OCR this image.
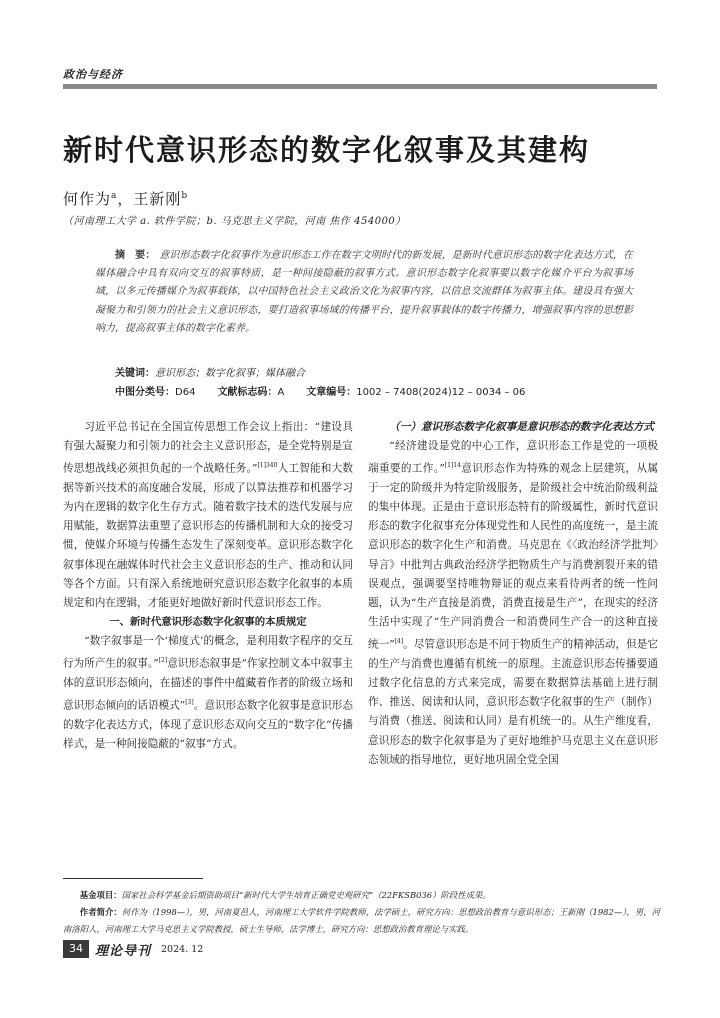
政治与经济
新时代意识形态的数字化叙事及其建构
何作为$^a$，王新刚$^b$
（河南理工大学 a. 软件学院；b. 马克思主义学院，河南 焦作 454000）
摘　要： 意识形态数字化叙事作为意识形态工作在数字文明时代的新发展，是新时代意识形态的数字化表达方式，在媒体融合中具有双向交互的叙事特质，是一种间接隐蔽的叙事方式。意识形态数字化叙事要以数字化媒介平台为叙事场域，以多元传播媒介为叙事载体，以中国特色社会主义政治文化为叙事内容，以信息交流群体为叙事主体。建设具有强大凝聚力和引领力的社会主义意识形态，要打造叙事场域的传播平台，提升叙事载体的数字传播力，增强叙事内容的思想影响力，提高叙事主体的数字化素养。
关键词：意识形态；数字化叙事；媒体融合
中图分类号：D64 文献标志码：A 文章编号：1002 – 7408(2024)12 – 0034 – 06

习近平总书记在全国宣传思想工作会议上指出：“建设具有强大凝聚力和引领力的社会主义意识形态，是全党特别是宣传思想战线必须担负起的一个战略任务。”$^{[1]340}$人工智能和大数据等新兴技术的高度融合发展，形成了以算法推荐和机器学习为内在逻辑的数字化生存方式。随着数字技术的迭代发展与应用赋能，数据算法重塑了意识形态的传播机制和大众的接受习惯，使媒介环境与传播生态发生了深刻变革。意识形态数字化叙事体现在融媒体时代社会主义意识形态的生产、推动和认同等各个方面。只有深入系统地研究意识形态数字化叙事的本质规定和内在逻辑，才能更好地做好新时代意识形态工作。

一、新时代意识形态数字化叙事的本质规定

“数字叙事是一个‘梯度式’的概念，是利用数字程序的交互行为所产生的叙事。”[2]意识形态叙事是“作家控制文本中叙事主体的意识形态倾向，在描述的事件中蕴藏着作者的阶级立场和意识形态倾向的话语模式”[3]。意识形态数字化叙事是意识形态的数字化表达方式，体现了意识形态双向交互的“数字化”传播样式，是一种间接隐蔽的“叙事”方式。

（一）意识形态数字化叙事是意识形态的数字化表达方式

“经济建设是党的中心工作，意识形态工作是党的一项极端重要的工作。”$^{[1]14}$意识形态作为特殊的观念上层建筑，从属于一定的阶级并为特定阶级服务，是阶级社会中统治阶级利益的集中体现。正是由于意识形态特有的阶级属性，新时代意识形态的数字化叙事充分体现党性和人民性的高度统一，是主流意识形态的数字化生产和消费。马克思在《〈政治经济学批判〉导言》中批判古典政治经济学把物质生产与消费割裂开来的错误观点，强调要坚持唯物辩证的观点来看待两者的统一性问题，认为“生产直接是消费，消费直接是生产”，在现实的经济生活中实现了“生产同消费合一和消费同生产合一的这种直接统一”[4]。尽管意识形态是不同于物质生产的精神活动，但是它的生产与消费也遵循有机统一的原理。主流意识形态传播要通过数字化信息的方式来完成，需要在数据算法基础上进行制作、推送、阅读和认同，意识形态数字化叙事的生产（制作）与消费（推送、阅读和认同）是有机统一的。从生产维度看，意识形态的数字化叙事是为了更好地维护马克思主义在意识形态领域的指导地位，更好地巩固全党全国

基金项目：国家社会科学基金后期资助项目“新时代大学生培育正确党史观研究”（22FKSB036）阶段性成果。

作者简介：何作为（1998—），男，河南夏邑人，河南理工大学软件学院教师，法学硕士，研究方向：思想政治教育与意识形态；王新刚（1982—），男，河南洛阳人，河南理工大学马克思主义学院教授，硕士生导师，法学博士，研究方向：思想政治教育理论与实践。

34 理论导刊 2024. 12
